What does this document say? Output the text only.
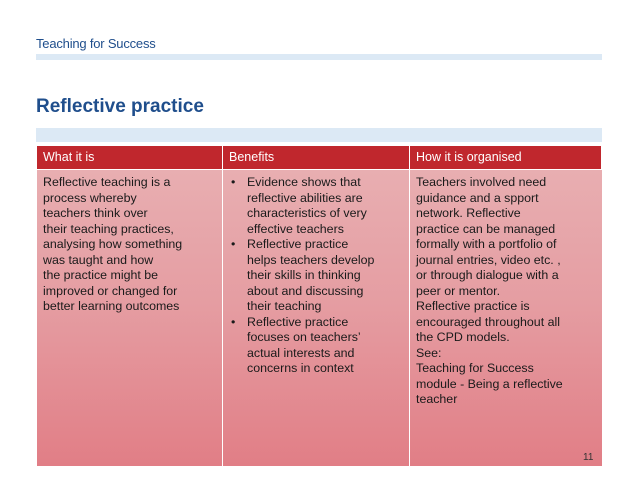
Teaching for Success
Reflective practice
What it is	Benefits	How it is organised
Reflective teaching is a
process whereby
teachers think over
their teaching practices,
analysing how something
was taught and how
the practice might be
improved or changed for
better learning outcomes
• Evidence shows that
reflective abilities are
characteristics of very
effective teachers
• Reflective practice
helps teachers develop
their skills in thinking
about and discussing
their teaching
• Reflective practice
focuses on teachers’
actual interests and
concerns in context
Teachers involved need
guidance and a spport
network. Reflective
practice can be managed
formally with a portfolio of
journal entries, video etc. ,
or through dialogue with a
peer or mentor.
Reflective practice is
encouraged throughout all
the CPD models.
See:
Teaching for Success
module - Being a reflective
teacher
11
